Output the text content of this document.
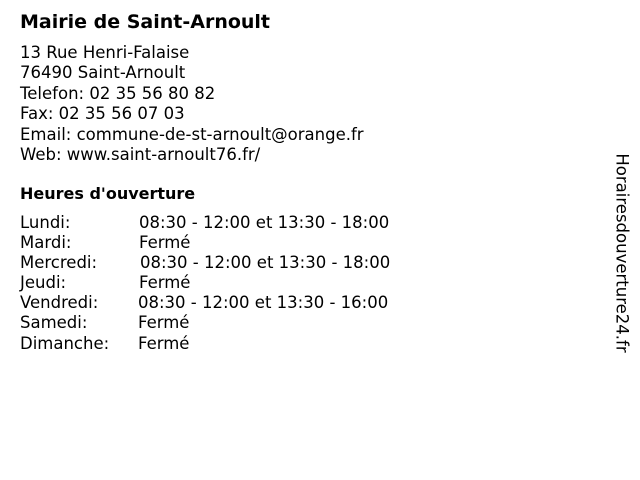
Mairie de Saint-Arnoult
13 Rue Henri-Falaise
76490 Saint-Arnoult
Telefon: 02 35 56 80 82
Fax: 02 35 56 07 03
Email: commune-de-st-arnoult@orange.fr
Web: www.saint-arnoult76.fr/
Heures d'ouverture
Lundi:	08:30 - 12:00 et 13:30 - 18:00
Mardi:	Fermé
Mercredi:	08:30 - 12:00 et 13:30 - 18:00
Jeudi:	Fermé
Vendredi: 08:30 - 12:00 et 13:30 - 16:00
Samedi:	Fermé
Dimanche: Fermé	Horairesdouverture24.fr
